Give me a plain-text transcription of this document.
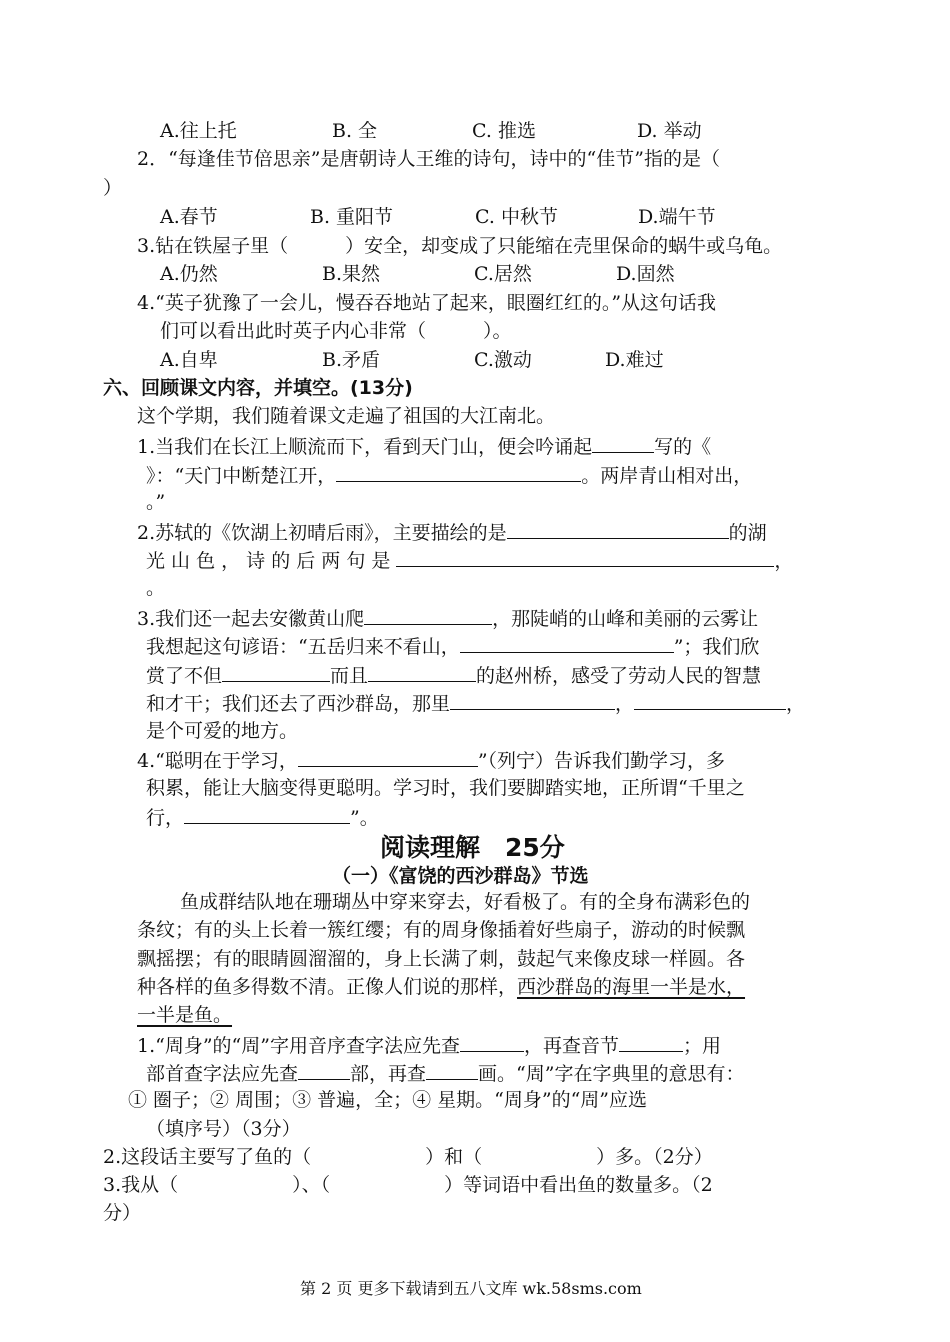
A.往上托	B. 全	C. 推选	D. 举动
2．“每逢佳节倍思亲”是唐朝诗人王维的诗句，诗中的“佳节”指的是（
）
A.春节	B. 重阳节	C. 中秋节	D.端午节
3.钻在铁屋子里（　　　）安全，却变成了只能缩在壳里保命的蜗牛或乌龟。
A.仍然	B.果然	C.居然	D.固然
4.“英子犹豫了一会儿，慢吞吞地站了起来，眼圈红红的。”从这句话我
们可以看出此时英子内心非常（　　　）。
A.自卑	B.矛盾	C.激动	D.难过
六、回顾课文内容，并填空。(13分)
这个学期，我们随着课文走遍了祖国的大江南北。
1.当我们在长江上顺流而下，看到天门山，便会吟诵起	写的《
》：“天门中断楚江开，	。两岸青山相对出，
。”
2.苏轼的《饮湖上初晴后雨》，主要描绘的是	的湖
光 山 色 ， 诗 的 后 两 句 是	，
。
3.我们还一起去安徽黄山爬	，那陡峭的山峰和美丽的云雾让
我想起这句谚语：“五岳归来不看山，	”；我们欣
赏了不但	而且	的赵州桥，感受了劳动人民的智慧
和才干；我们还去了西沙群岛，那里	，	，
是个可爱的地方。
4.“聪明在于学习，	”（列宁）告诉我们勤学习，多
积累，能让大脑变得更聪明。学习时，我们要脚踏实地，正所谓“千里之
行，	”。
阅读理解　25分
（一）《富饶的西沙群岛》节选
鱼成群结队地在珊瑚丛中穿来穿去，好看极了。有的全身布满彩色的
条纹；有的头上长着一簇红缨；有的周身像插着好些扇子，游动的时候飘
飘摇摆；有的眼睛圆溜溜的，身上长满了刺，鼓起气来像皮球一样圆。各
种各样的鱼多得数不清。正像人们说的那样，西沙群岛的海里一半是水，
一半是鱼。
1.“周身”的“周”字用音序查字法应先查	，再查音节	；用
部首查字法应先查	部，再查	画。“周”字在字典里的意思有：
① 圈子；② 周围；③ 普遍，全；④ 星期。“周身”的“周”应选
（填序号）（3分）
2.这段话主要写了鱼的（　　　　　　）和（　　　　　　）多。（2分）
3.我从（　　　　　　）、（　　　　　　）等词语中看出鱼的数量多。（2
分）
第 2 页 更多下载请到五八文库 wk.58sms.com
